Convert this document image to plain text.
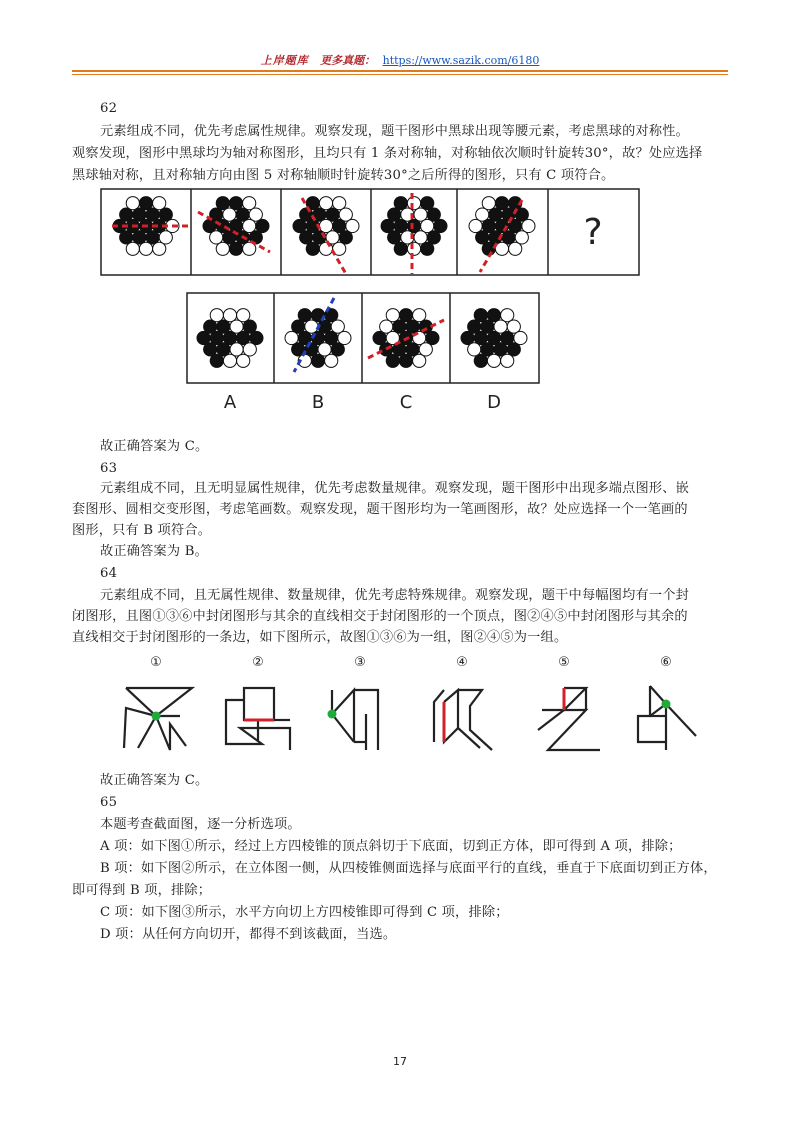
上岸题库 更多真题： https://www.sazik.com/6180

62

元素组成不同，优先考虑属性规律。观察发现，题干图形中黑球出现等腰元素，考虑黑球的对称性。

观察发现，图形中黑球均为轴对称图形，且均只有 1 条对称轴，对称轴依次顺时针旋转30°，故？处应选择

黑球轴对称，且对称轴方向由图 5 对称轴顺时针旋转30°之后所得的图形，只有 C 项符合。

?
A	B	C	D

故正确答案为 C。

63

元素组成不同，且无明显属性规律，优先考虑数量规律。观察发现，题干图形中出现多端点图形、嵌

套图形、圆相交变形图，考虑笔画数。观察发现，题干图形均为一笔画图形，故？处应选择一个一笔画的

图形，只有 B 项符合。

故正确答案为 B。

64

元素组成不同，且无属性规律、数量规律，优先考虑特殊规律。观察发现，题干中每幅图均有一个封

闭图形，且图①③⑥中封闭图形与其余的直线相交于封闭图形的一个顶点，图②④⑤中封闭图形与其余的

直线相交于封闭图形的一条边，如下图所示，故图①③⑥为一组，图②④⑤为一组。

①	②	③	④	⑤	⑥

故正确答案为 C。

65

本题考查截面图，逐一分析选项。

A 项：如下图①所示，经过上方四棱锥的顶点斜切于下底面，切到正方体，即可得到 A 项，排除；

B 项：如下图②所示，在立体图一侧，从四棱锥侧面选择与底面平行的直线，垂直于下底面切到正方体，

即可得到 B 项，排除；

C 项：如下图③所示，水平方向切上方四棱锥即可得到 C 项，排除；

D 项：从任何方向切开，都得不到该截面，当选。

17
